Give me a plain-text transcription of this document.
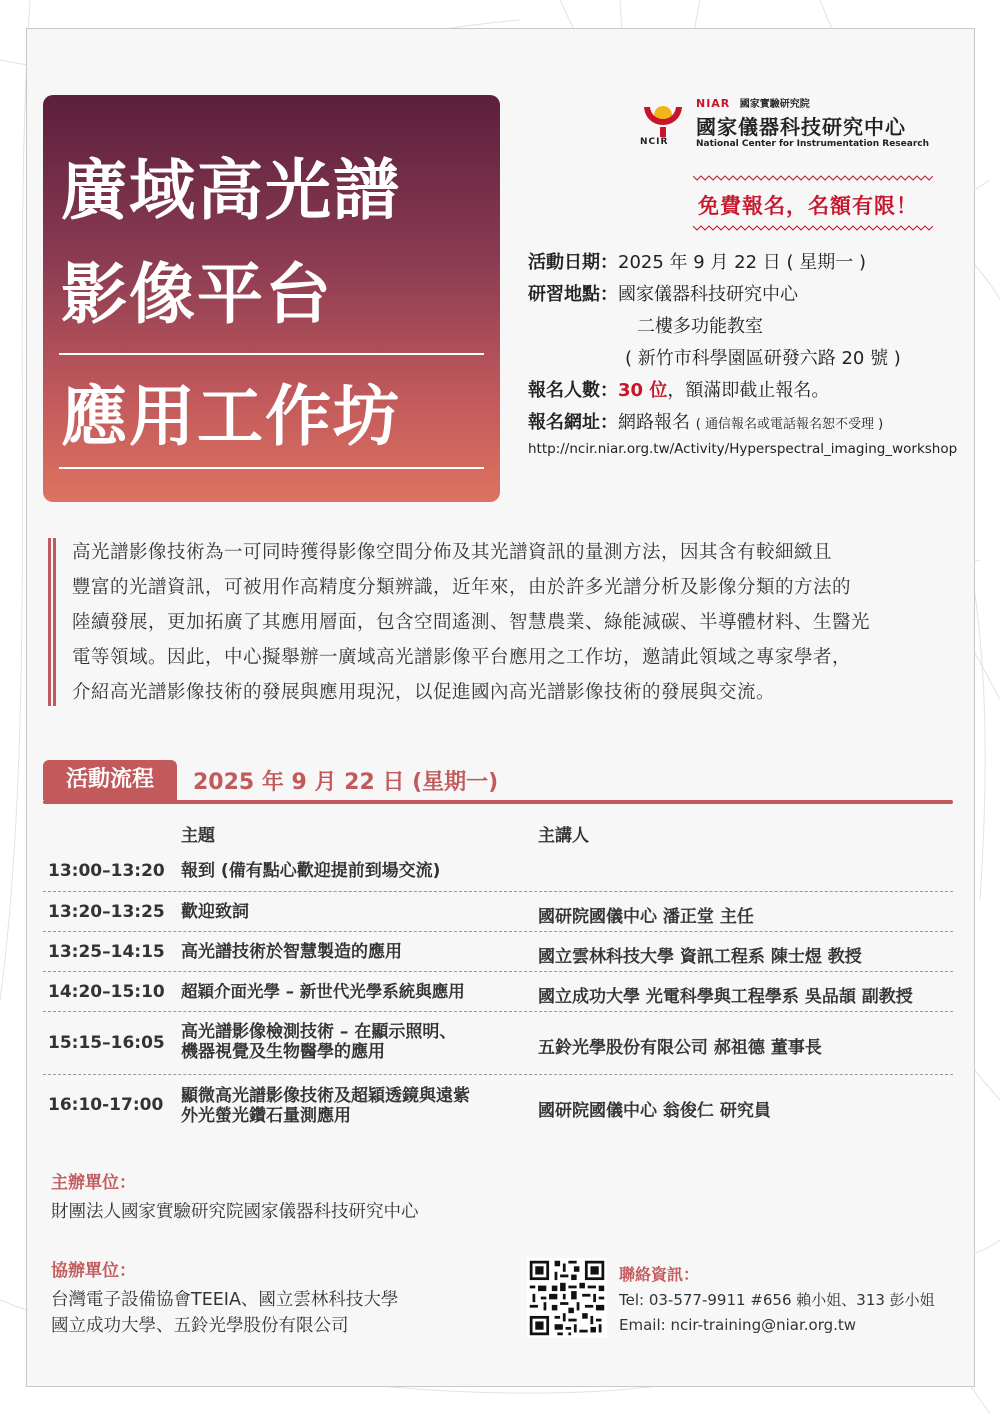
廣域高光譜
影像平台
應用工作坊
NCIR
NIAR 國家實驗研究院
國家儀器科技研究中心
National Center for Instrumentation Research
免費報名，名額有限！
活動日期：2025 年 9 月 22 日 ( 星期一 )
研習地點：國家儀器科技研究中心
二樓多功能教室
( 新竹市科學園區研發六路 20 號 )
報名人數：30 位，額滿即截止報名。
報名網址：網路報名 ( 通信報名或電話報名恕不受理 )
http://ncir.niar.org.tw/Activity/Hyperspectral_imaging_workshop
高光譜影像技術為一可同時獲得影像空間分佈及其光譜資訊的量測方法，因其含有較細緻且
豐富的光譜資訊，可被用作高精度分類辨識，近年來，由於許多光譜分析及影像分類的方法的
陸續發展，更加拓廣了其應用層面，包含空間遙測、智慧農業、綠能減碳、半導體材料、生醫光
電等領域。因此，中心擬舉辦一廣域高光譜影像平台應用之工作坊，邀請此領域之專家學者，
介紹高光譜影像技術的發展與應用現況，以促進國內高光譜影像技術的發展與交流。
活動流程	2025 年 9 月 22 日 (星期一)
主題	主講人
13:00–13:20 報到 (備有點心歡迎提前到場交流)
13:20–13:25 歡迎致詞	國研院國儀中心 潘正堂 主任
13:25–14:15 高光譜技術於智慧製造的應用	國立雲林科技大學 資訊工程系 陳士煜 教授
14:20–15:10 超穎介面光學 – 新世代光學系統與應用	國立成功大學 光電科學與工程學系 吳品頡 副教授
15:15–16:05
高光譜影像檢測技術 – 在顯示照明、
機器視覺及生物醫學的應用	五鈴光學股份有限公司 郝祖德 董事長
16:10-17:00 顯微高光譜影像技術及超穎透鏡與遠紫
外光螢光鑽石量測應用	國研院國儀中心 翁俊仁 研究員
主辦單位：
財團法人國家實驗研究院國家儀器科技研究中心
協辦單位：
台灣電子設備協會TEEIA、國立雲林科技大學
國立成功大學、五鈴光學股份有限公司
聯絡資訊：
Tel: 03-577-9911 #656 賴小姐、313 彭小姐
Email: ncir-training@niar.org.tw
